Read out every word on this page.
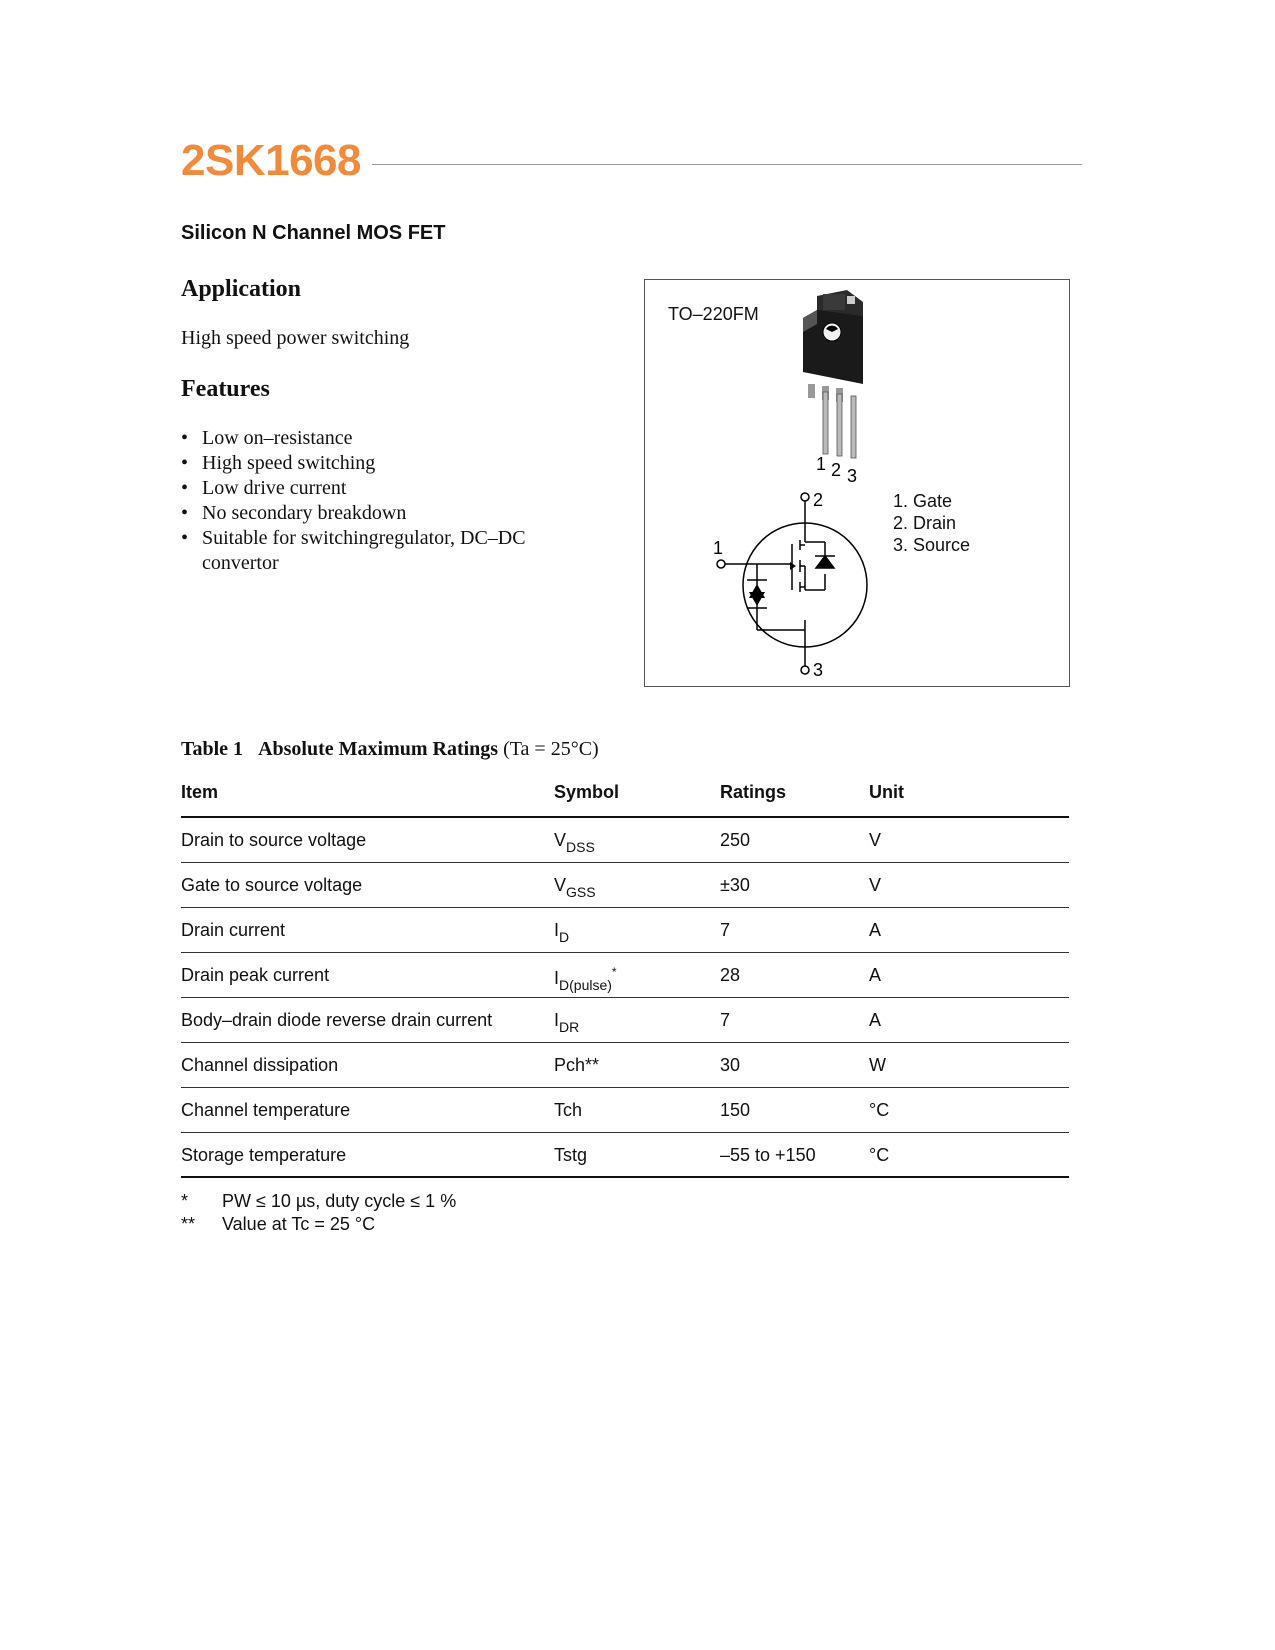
2SK1668
Silicon N Channel MOS FET
Application
High speed power switching
Features
• Low on–resistance
• High speed switching
• Low drive current
• No secondary breakdown
• Suitable for switchingregulator, DC–DC convertor
TO–220FM
1 2 3
2
1
3
1. Gate
2. Drain
3. Source
Table 1 Absolute Maximum Ratings (Ta = 25°C)
Item	Symbol	Ratings	Unit
Drain to source voltage	$V_{DSS}$	250	V
Gate to source voltage	$V_{GSS}$	±30	V
Drain current	$I_D$	7	A
Drain peak current	$I_{D(pulse)}^*$	28	A
Body–drain diode reverse drain current	$I_{DR}$	7	A
Channel dissipation	Pch**	30	W
Channel temperature	Tch	150	°C
Storage temperature	Tstg	–55 to +150	°C
* PW ≤ 10 µs, duty cycle ≤ 1 %
** Value at Tc = 25 °C
